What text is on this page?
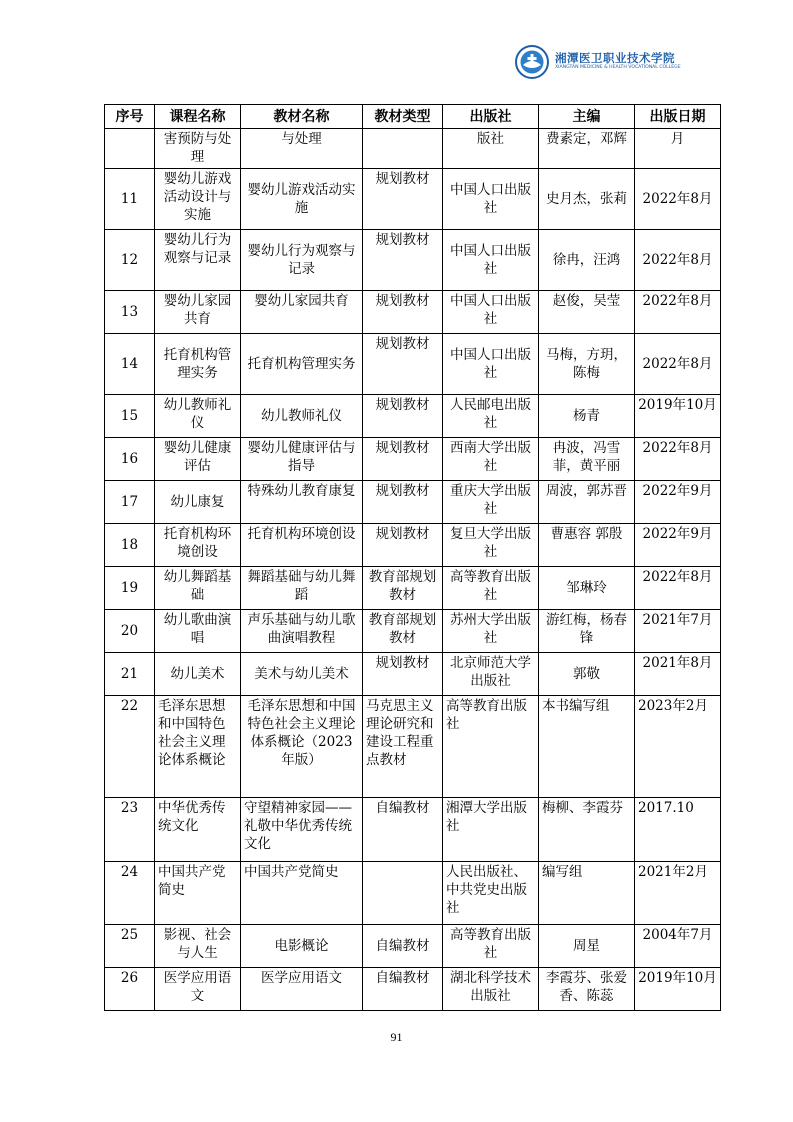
湘潭医卫职业技术学院
XIANGTAN MEDICINE & HEALTH VOCATIONAL COLLEGE
序号	课程名称	教材名称	教材类型	出版社	主编	出版日期
	害预防与处理	与处理		版社	费素定，邓辉	月
11	婴幼儿游戏活动设计与实施	婴幼儿游戏活动实施	规划教材	中国人口出版社	史月杰，张莉	2022年8月
12	婴幼儿行为观察与记录	婴幼儿行为观察与记录	规划教材	中国人口出版社	徐冉，汪鸿	2022年8月
13	婴幼儿家园共育	婴幼儿家园共育	规划教材	中国人口出版社	赵俊，吴莹	2022年8月
14	托育机构管理实务	托育机构管理实务	规划教材	中国人口出版社	马梅，方玥，陈梅	2022年8月
15	幼儿教师礼仪	幼儿教师礼仪	规划教材	人民邮电出版社	杨青	2019年10月
16	婴幼儿健康评估	婴幼儿健康评估与指导	规划教材	西南大学出版社	冉波，冯雪菲，黄平丽	2022年8月
17	幼儿康复	特殊幼儿教育康复	规划教材	重庆大学出版社	周波，郭苏晋	2022年9月
18	托育机构环境创设	托育机构环境创设	规划教材	复旦大学出版社	曹惠容 郭殷	2022年9月
19	幼儿舞蹈基础	舞蹈基础与幼儿舞蹈	教育部规划教材	高等教育出版社	邹琳玲	2022年8月
20	幼儿歌曲演唱	声乐基础与幼儿歌曲演唱教程	教育部规划教材	苏州大学出版社	游红梅，杨春锋	2021年7月
21	幼儿美术	美术与幼儿美术	规划教材	北京师范大学出版社	郭敬	2021年8月
22	毛泽东思想和中国特色社会主义理论体系概论	毛泽东思想和中国特色社会主义理论体系概论（2023年版）	马克思主义理论研究和建设工程重点教材	高等教育出版社	本书编写组	2023年2月
23	中华优秀传统文化	守望精神家园——礼敬中华优秀传统文化	自编教材	湘潭大学出版社	梅柳、李霞芬	2017.10
24	中国共产党简史	中国共产党简史		人民出版社、中共党史出版社	编写组	2021年2月
25	影视、社会与人生	电影概论	自编教材	高等教育出版社	周星	2004年7月
26	医学应用语文	医学应用语文	自编教材	湖北科学技术出版社	李霞芬、张爱香、陈蕊	2019年10月
91
